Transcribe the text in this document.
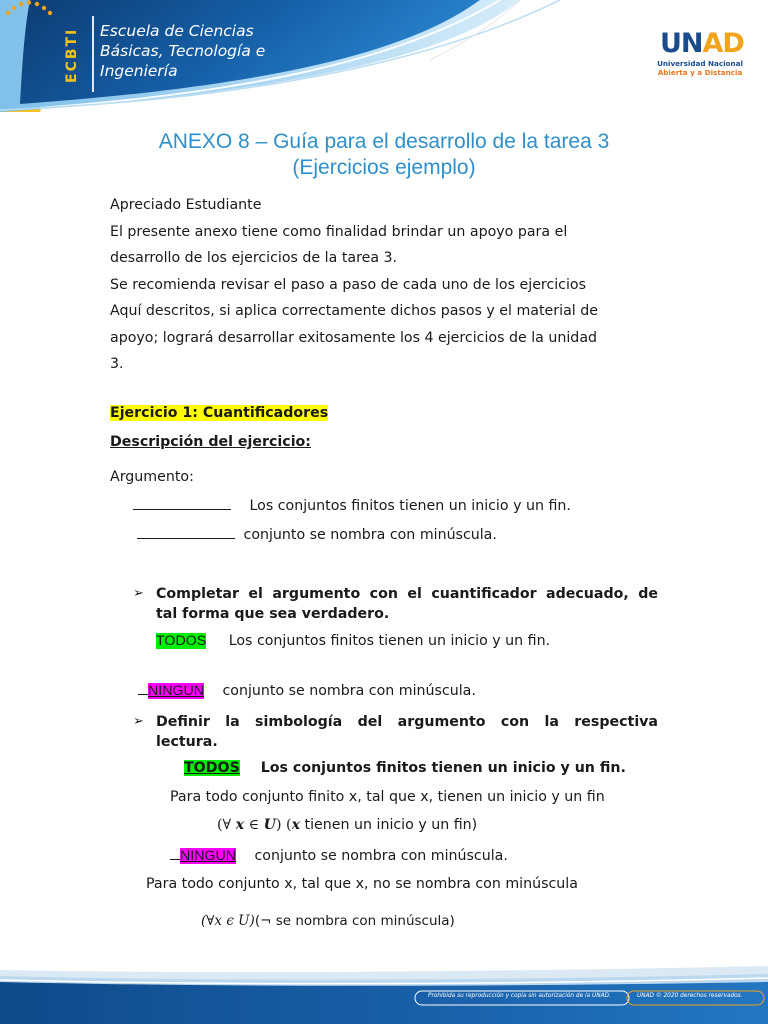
ECBTI Escuela de Ciencias
Básicas, Tecnología e
Ingeniería
UNAD
Universidad Nacional
Abierta y a Distancia
ANEXO 8 – Guía para el desarrollo de la tarea 3
(Ejercicios ejemplo)
Apreciado Estudiante
El presente anexo tiene como finalidad brindar un apoyo para el
desarrollo de los ejercicios de la tarea 3.
Se recomienda revisar el paso a paso de cada uno de los ejercicios
Aquí descritos, si aplica correctamente dichos pasos y el material de
apoyo; logrará desarrollar exitosamente los 4 ejercicios de la unidad
3.
Ejercicio 1: Cuantificadores
Descripción del ejercicio:
Argumento:
Los conjuntos finitos tienen un inicio y un fin.
conjunto se nombra con minúscula.
➢ Completar el argumento con el cuantificador adecuado, de
tal forma que sea verdadero.
TODOS Los conjuntos finitos tienen un inicio y un fin.
NINGUN conjunto se nombra con minúscula.
➢ Definir la simbología del argumento con la respectiva
lectura.
TODOS Los conjuntos finitos tienen un inicio y un fin.
Para todo conjunto finito x, tal que x, tienen un inicio y un fin
(∀ x ∈ U) (x tienen un inicio y un fin)
NINGUN conjunto se nombra con minúscula.
Para todo conjunto x, tal que x, no se nombra con minúscula
(∀𝑥 𝜖 𝑈)(¬ se nombra con minúscula)
Prohibida su reproducción y copia sin autorización de la UNAD.	UNAD © 2020 derechos reservados.
